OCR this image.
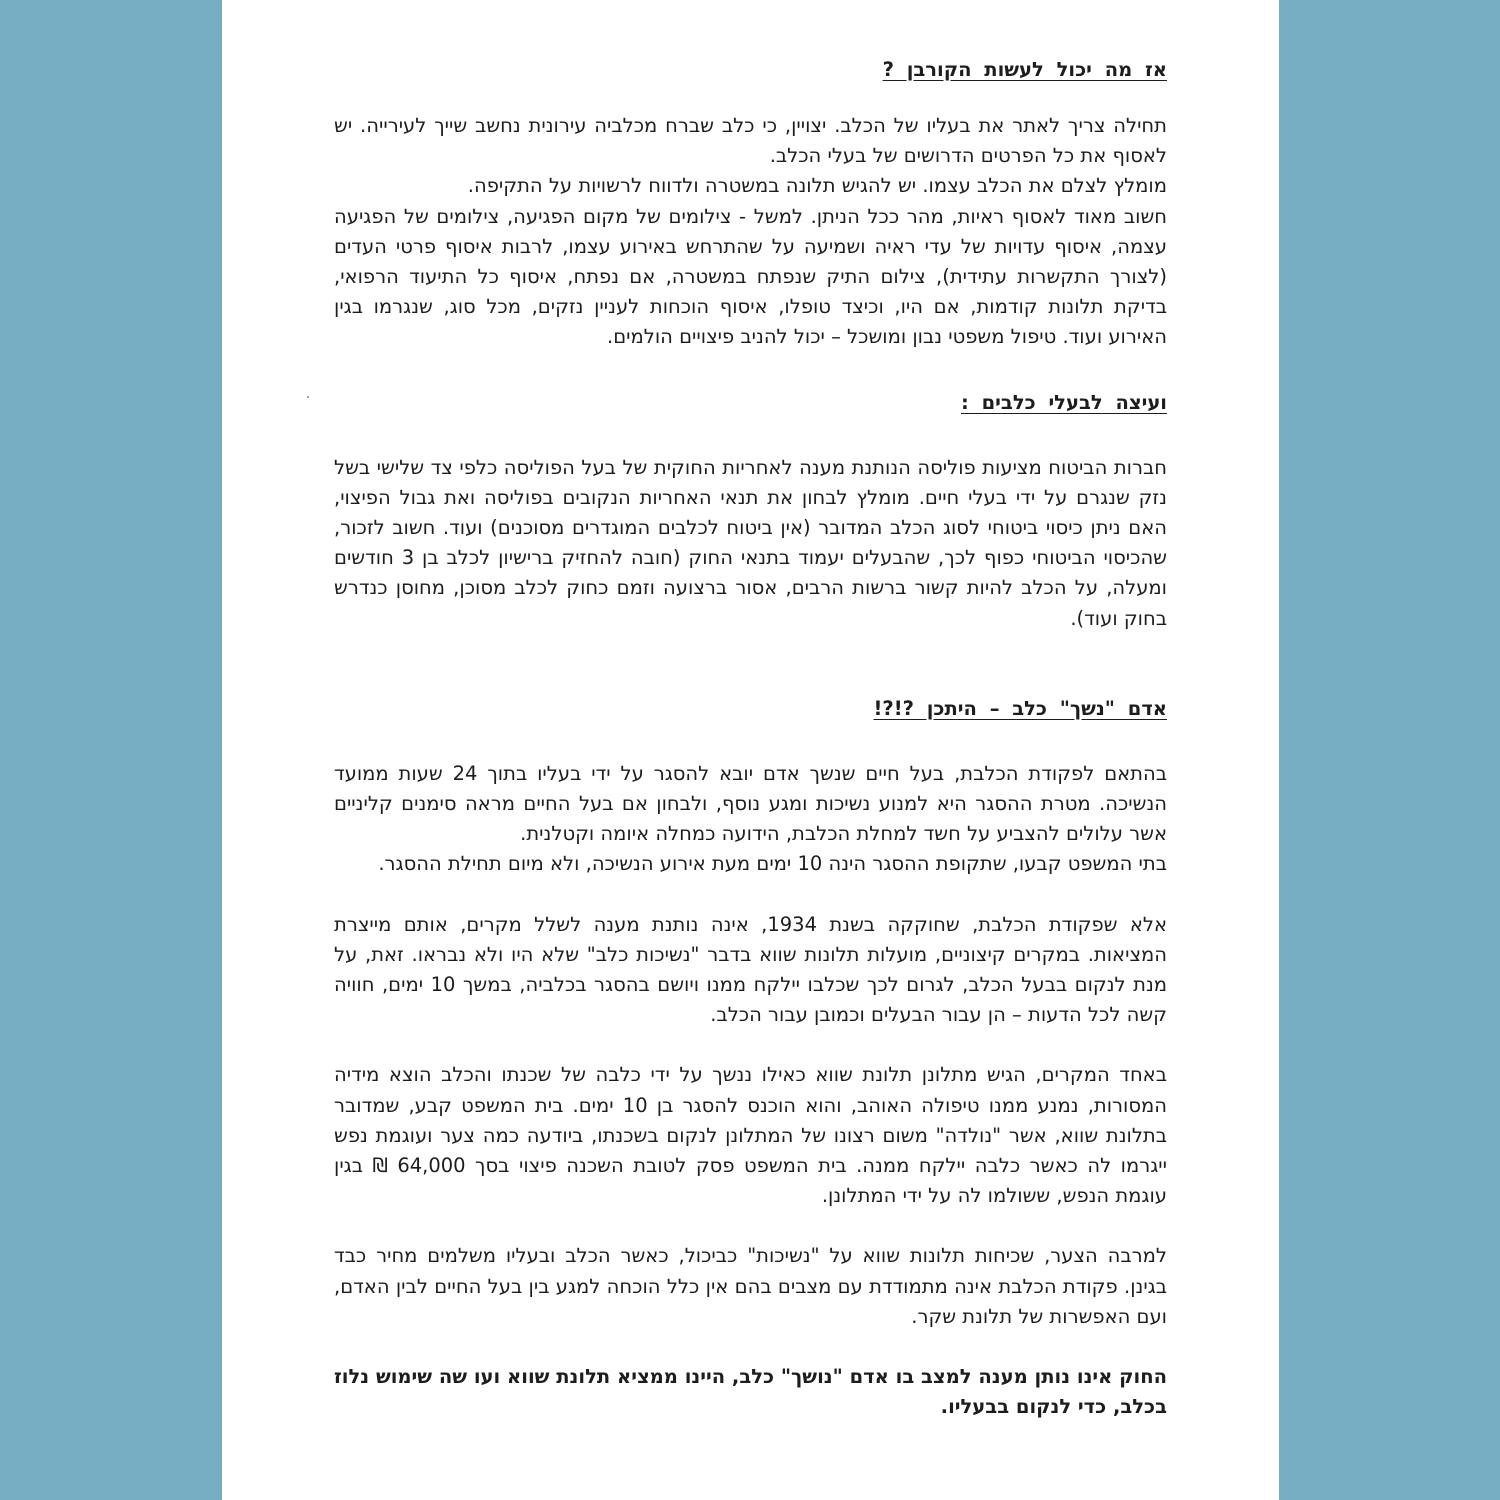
אז מה יכול לעשות הקורבן ?

תחילה צריך לאתר את בעליו של הכלב. יצויין, כי כלב שברח מכלביה עירונית נחשב שייך לעירייה. יש לאסוף את כל הפרטים הדרושים של בעלי הכלב.

מומלץ לצלם את הכלב עצמו. יש להגיש תלונה במשטרה ולדווח לרשויות על התקיפה.

חשוב מאוד לאסוף ראיות, מהר ככל הניתן. למשל - צילומים של מקום הפגיעה, צילומים של הפגיעה עצמה, איסוף עדויות של עדי ראיה ושמיעה על שהתרחש באירוע עצמו, לרבות איסוף פרטי העדים (לצורך התקשרות עתידית), צילום התיק שנפתח במשטרה, אם נפתח, איסוף כל התיעוד הרפואי, בדיקת תלונות קודמות, אם היו, וכיצד טופלו, איסוף הוכחות לעניין נזקים, מכל סוג, שנגרמו בגין האירוע ועוד. טיפול משפטי נבון ומושכל – יכול להניב פיצויים הולמים.

ועיצה לבעלי כלבים :

חברות הביטוח מציעות פוליסה הנותנת מענה לאחריות החוקית של בעל הפוליסה כלפי צד שלישי בשל נזק שנגרם על ידי בעלי חיים. מומלץ לבחון את תנאי האחריות הנקובים בפוליסה ואת גבול הפיצוי, האם ניתן כיסוי ביטוחי לסוג הכלב המדובר (אין ביטוח לכלבים המוגדרים מסוכנים) ועוד. חשוב לזכור, שהכיסוי הביטוחי כפוף לכך, שהבעלים יעמוד בתנאי החוק (חובה להחזיק ברישיון לכלב בן 3 חודשים ומעלה, על הכלב להיות קשור ברשות הרבים, אסור ברצועה וזמם כחוק לכלב מסוכן, מחוסן כנדרש בחוק ועוד).

אדם "נשך" כלב – היתכן ?!?!

בהתאם לפקודת הכלבת, בעל חיים שנשך אדם יובא להסגר על ידי בעליו בתוך 24 שעות ממועד הנשיכה. מטרת ההסגר היא למנוע נשיכות ומגע נוסף, ולבחון אם בעל החיים מראה סימנים קליניים אשר עלולים להצביע על חשד למחלת הכלבת, הידועה כמחלה איומה וקטלנית.

בתי המשפט קבעו, שתקופת ההסגר הינה 10 ימים מעת אירוע הנשיכה, ולא מיום תחילת ההסגר.

אלא שפקודת הכלבת, שחוקקה בשנת 1934, אינה נותנת מענה לשלל מקרים, אותם מייצרת המציאות. במקרים קיצוניים, מועלות תלונות שווא בדבר "נשיכות כלב" שלא היו ולא נבראו. זאת, על מנת לנקום בבעל הכלב, לגרום לכך שכלבו יילקח ממנו ויושם בהסגר בכלביה, במשך 10 ימים, חוויה קשה לכל הדעות – הן עבור הבעלים וכמובן עבור הכלב.

באחד המקרים, הגיש מתלונן תלונת שווא כאילו ננשך על ידי כלבה של שכנתו והכלב הוצא מידיה המסורות, נמנע ממנו טיפולה האוהב, והוא הוכנס להסגר בן 10 ימים. בית המשפט קבע, שמדובר בתלונת שווא, אשר "נולדה" משום רצונו של המתלונן לנקום בשכנתו, ביודעה כמה צער ועוגמת נפש ייגרמו לה כאשר כלבה יילקח ממנה. בית המשפט פסק לטובת השכנה פיצוי בסך 64,000 ₪ בגין עוגמת הנפש, ששולמו לה על ידי המתלונן.

למרבה הצער, שכיחות תלונות שווא על "נשיכות" כביכול, כאשר הכלב ובעליו משלמים מחיר כבד בגינן. פקודת הכלבת אינה מתמודדת עם מצבים בהם אין כלל הוכחה למגע בין בעל החיים לבין האדם, ועם האפשרות של תלונת שקר.

החוק אינו נותן מענה למצב בו אדם "נושך" כלב, היינו ממציא תלונת שווא ועו שה שימוש נלוז בכלב, כדי לנקום בבעליו.
